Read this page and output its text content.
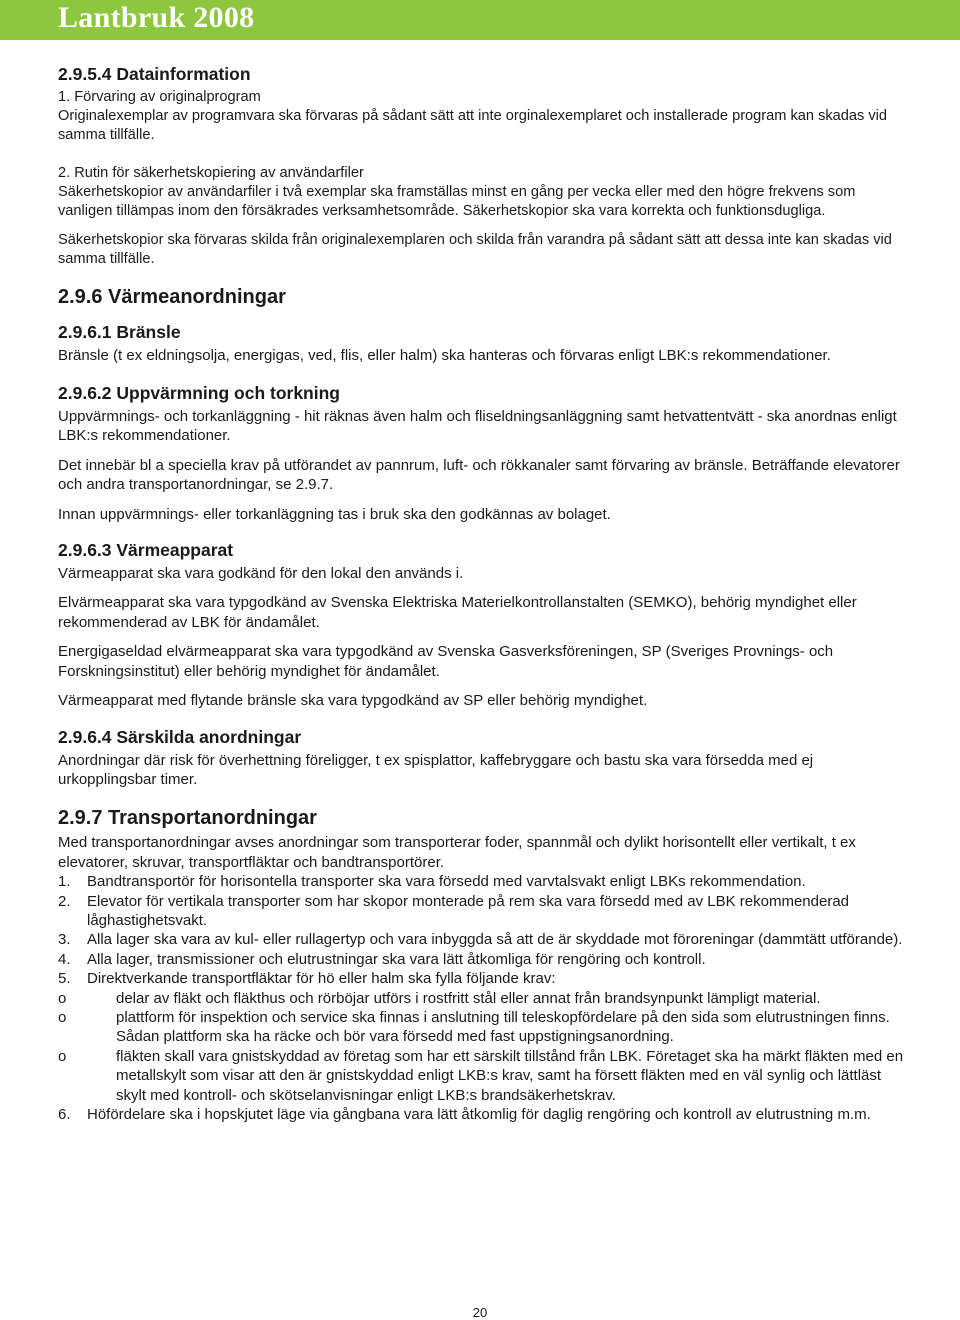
Lantbruk 2008
2.9.5.4 Datainformation

1. Förvaring av originalprogram

Originalexemplar av programvara ska förvaras på sådant sätt att inte orginalexemplaret och installerade program kan skadas vid samma tillfälle.

2. Rutin för säkerhetskopiering av användarfiler

Säkerhetskopior av användarfiler i två exemplar ska framställas minst en gång per vecka eller med den högre frekvens som vanligen tillämpas inom den försäkrades verksamhetsområde. Säkerhetskopior ska vara korrekta och funktionsdugliga.

Säkerhetskopior ska förvaras skilda från originalexemplaren och skilda från varandra på sådant sätt att dessa inte kan skadas vid samma tillfälle.

2.9.6 Värmeanordningar
2.9.6.1 Bränsle

Bränsle (t ex eldningsolja, energigas, ved, flis, eller halm) ska hanteras och förvaras enligt LBK:s rekommendationer.

2.9.6.2 Uppvärmning och torkning

Uppvärmnings- och torkanläggning - hit räknas även halm och fliseldningsanläggning samt hetvattentvätt - ska anordnas enligt LBK:s rekommendationer.

Det innebär bl a speciella krav på utförandet av pannrum, luft- och rökkanaler samt förvaring av bränsle. Beträffande elevatorer och andra transportanordningar, se 2.9.7.

Innan uppvärmnings- eller torkanläggning tas i bruk ska den godkännas av bolaget.

2.9.6.3 Värmeapparat

Värmeapparat ska vara godkänd för den lokal den används i.

Elvärmeapparat ska vara typgodkänd av Svenska Elektriska Materielkontrollanstalten (SEMKO), behörig myndighet eller rekommenderad av LBK för ändamålet.

Energigaseldad elvärmeapparat ska vara typgodkänd av Svenska Gasverksföreningen, SP (Sveriges Provnings- och Forskningsinstitut) eller behörig myndighet för ändamålet.

Värmeapparat med flytande bränsle ska vara typgodkänd av SP eller behörig myndighet.

2.9.6.4 Särskilda anordningar

Anordningar där risk för överhettning föreligger, t ex spisplattor, kaffebryggare och bastu ska vara försedda med ej urkopplingsbar timer.

2.9.7 Transportanordningar

Med transportanordningar avses anordningar som transporterar foder, spannmål och dylikt horisontellt eller vertikalt, t ex elevatorer, skruvar, transportfläktar och bandtransportörer.

1.	Bandtransportör för horisontella transporter ska vara försedd med varvtalsvakt enligt LBKs rekommendation.
2.	Elevator för vertikala transporter som har skopor monterade på rem ska vara försedd med av LBK rekommenderad låghastighetsvakt.
3.	Alla lager ska vara av kul- eller rullagertyp och vara inbyggda så att de är skyddade mot föroreningar (dammtätt utförande).
4.	Alla lager, transmissioner och elutrustningar ska vara lätt åtkomliga för rengöring och kontroll.
5.	Direktverkande transportfläktar för hö eller halm ska fylla följande krav:
o	delar av fläkt och fläkthus och rörböjar utförs i rostfritt stål eller annat från brandsynpunkt lämpligt material.
o	plattform för inspektion och service ska finnas i anslutning till teleskopfördelare på den sida som elutrustningen finns. Sådan plattform ska ha räcke och bör vara försedd med fast uppstigningsanordning.
o	fläkten skall vara gnistskyddad av företag som har ett särskilt tillstånd från LBK. Företaget ska ha märkt fläkten med en metallskylt som visar att den är gnistskyddad enligt LKB:s krav, samt ha försett fläkten med en väl synlig och lättläst skylt med kontroll- och skötselanvisningar enligt LKB:s brandsäkerhetskrav.
6.	Höfördelare ska i hopskjutet läge via gångbana vara lätt åtkomlig för daglig rengöring och kontroll av elutrustning m.m.
20
